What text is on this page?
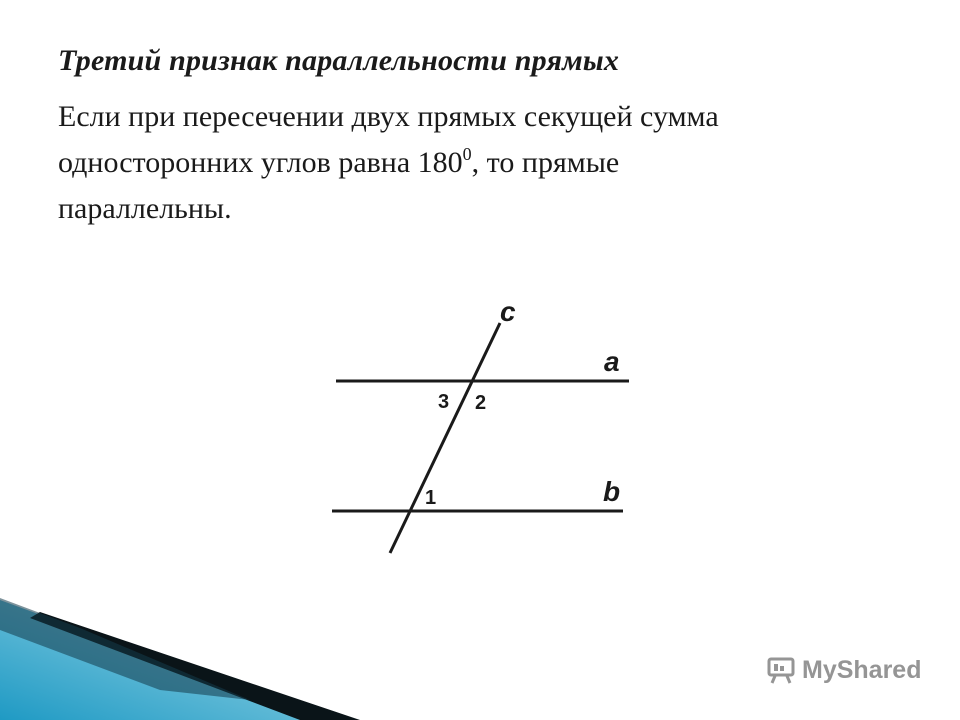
Третий признак параллельности прямых
Если при пересечении двух прямых секущей сумма
односторонних углов равна $180^0$, то прямые
параллельны.
c
a
b
3 2
1
MyShared
